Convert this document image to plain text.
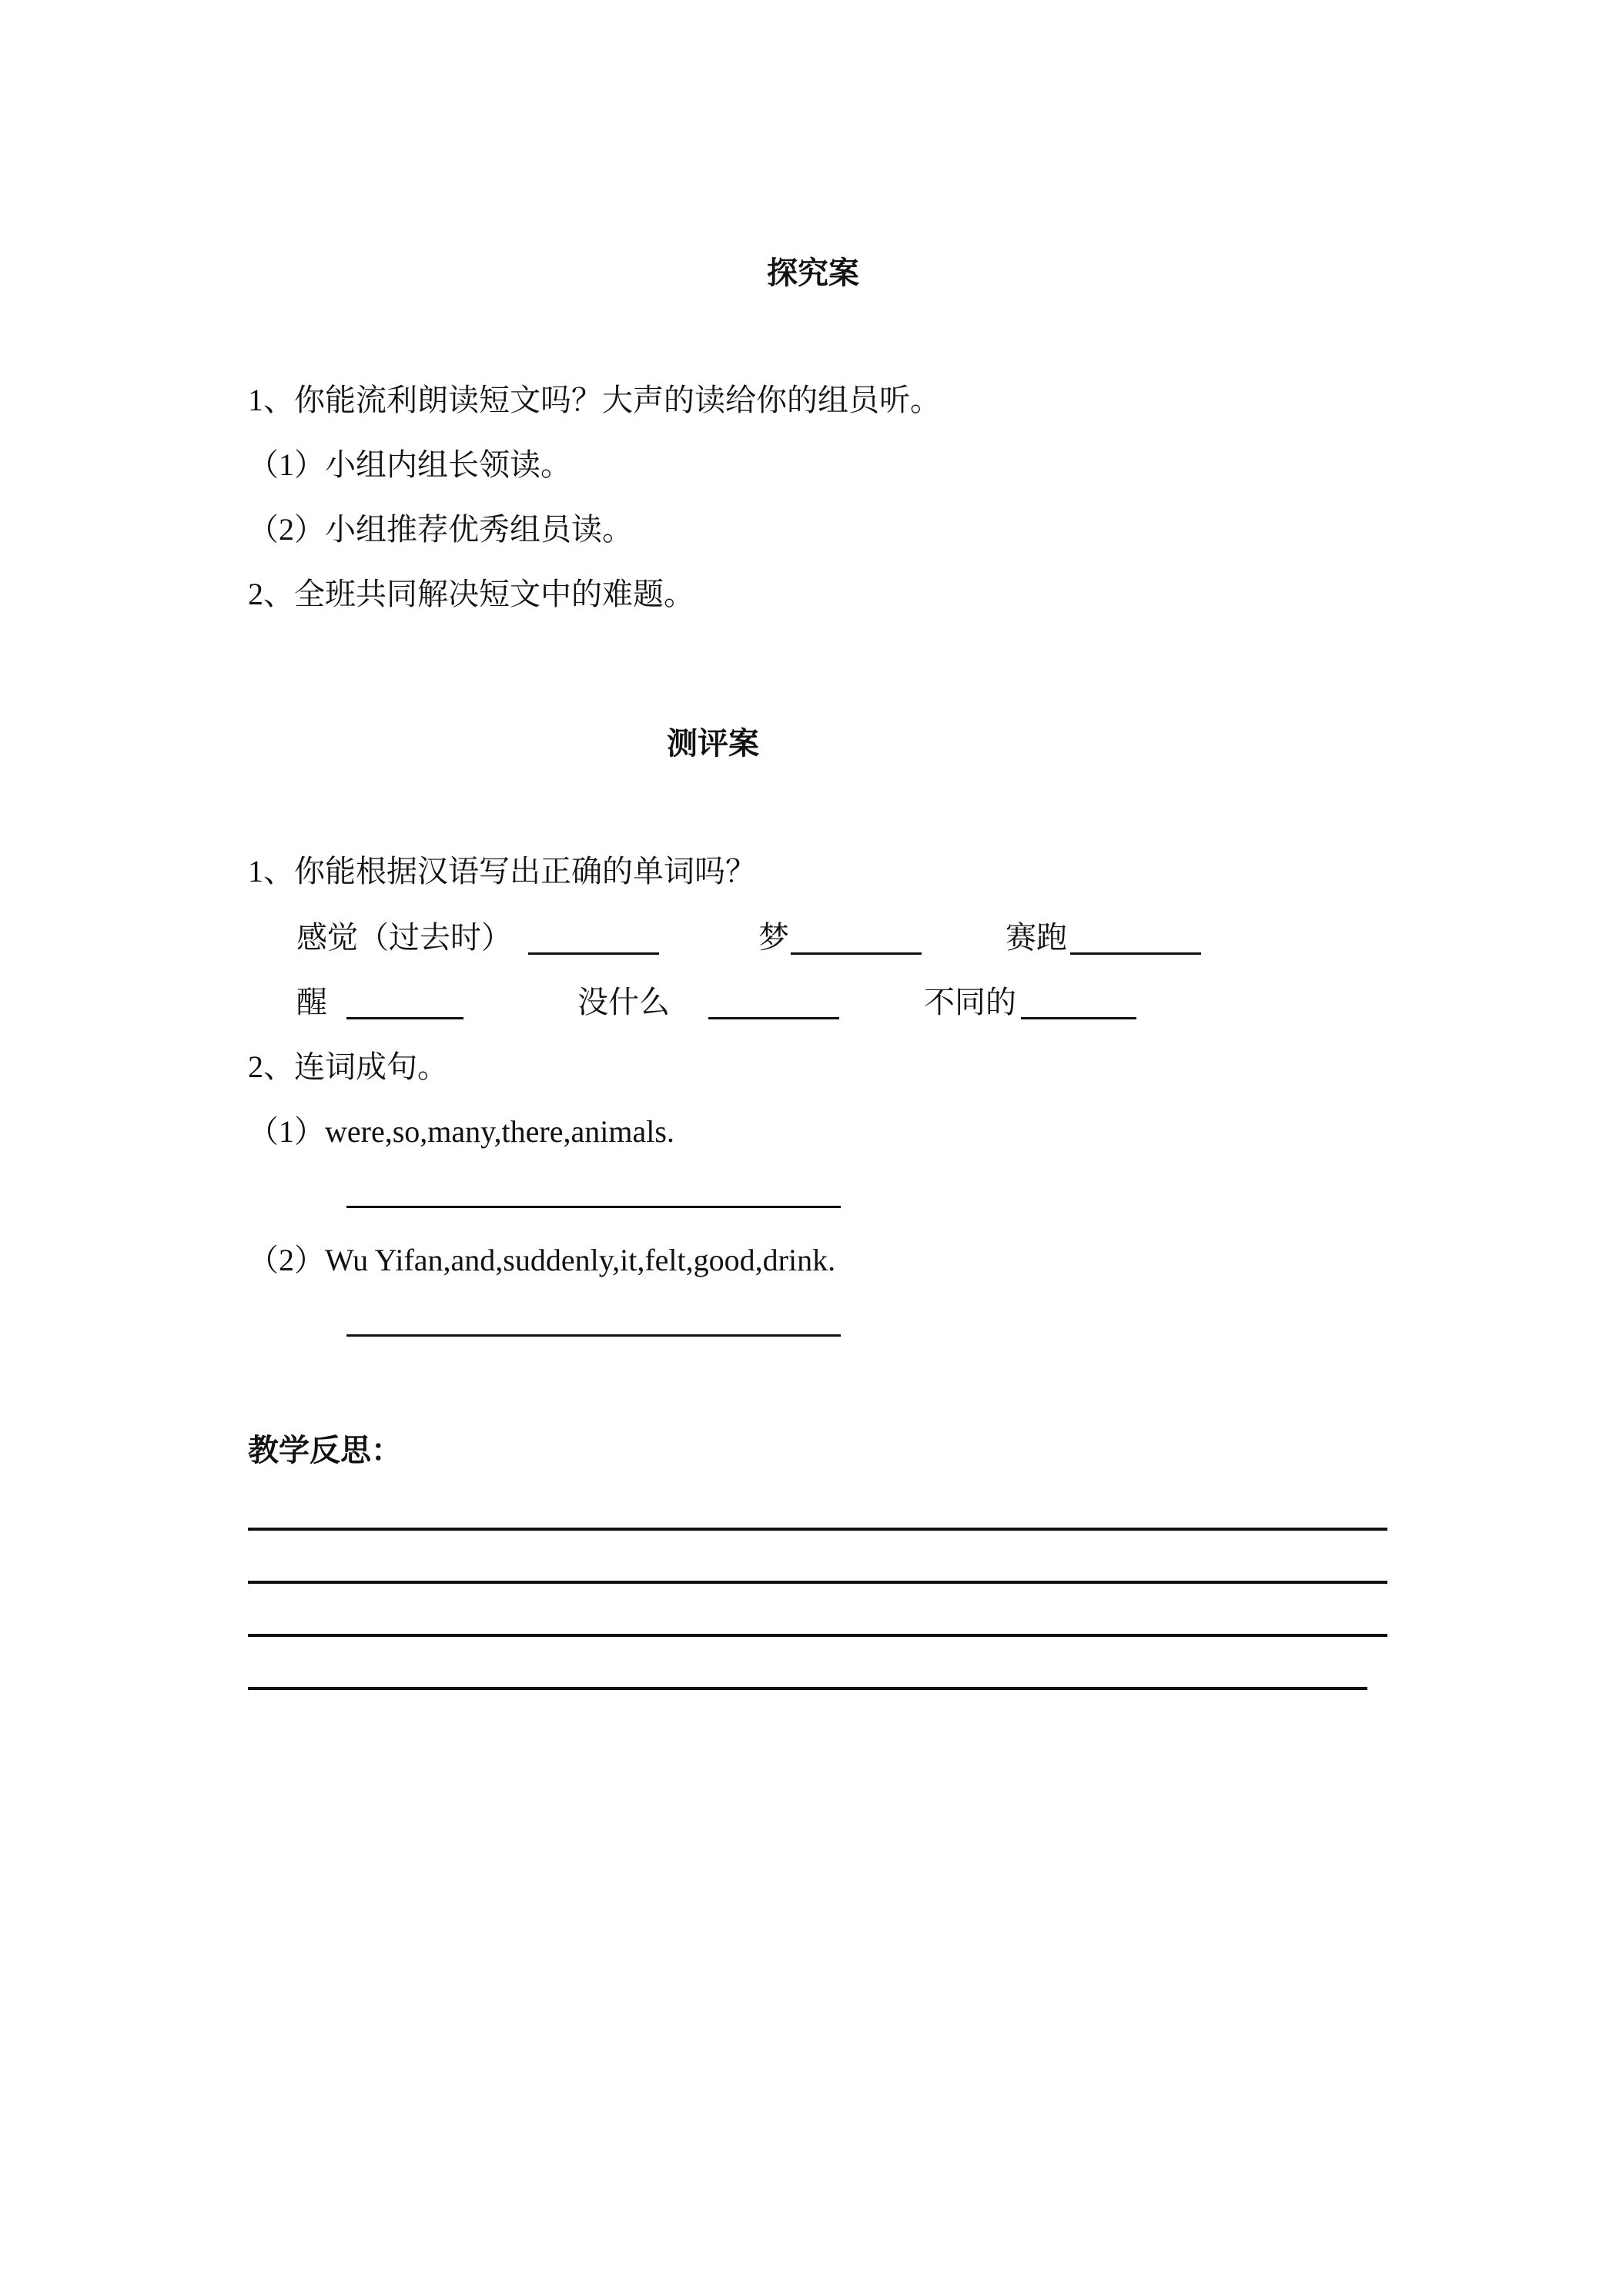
探究案
1、你能流利朗读短文吗？大声的读给你的组员听。
（1）小组内组长领读。
（2）小组推荐优秀组员读。
2、全班共同解决短文中的难题。
测评案
1、你能根据汉语写出正确的单词吗？
感觉（过去时）	梦	赛跑
醒	没什么	不同的
2、连词成句。
（1）were,so,many,there,animals.
（2）Wu Yifan,and,suddenly,it,felt,good,drink.
教学反思：
